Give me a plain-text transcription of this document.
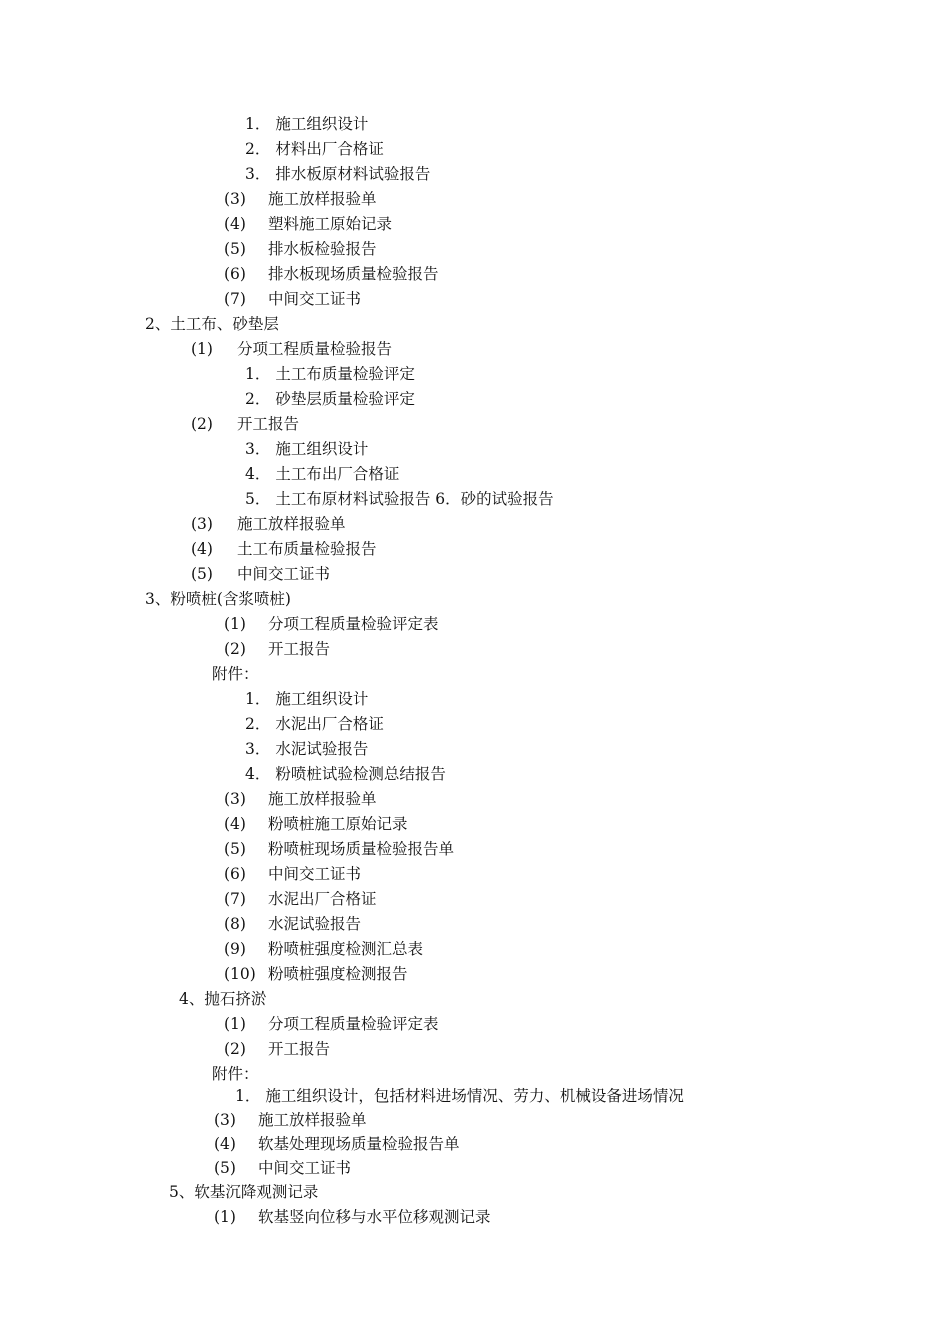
1． 施工组织设计
2． 材料出厂合格证
3． 排水板原材料试验报告
(3) 施工放样报验单
(4) 塑料施工原始记录
(5) 排水板检验报告
(6) 排水板现场质量检验报告
(7) 中间交工证书
2、土工布、砂垫层
(1) 分项工程质量检验报告
1． 土工布质量检验评定
2． 砂垫层质量检验评定
(2) 开工报告
3． 施工组织设计
4． 土工布出厂合格证
5． 土工布原材料试验报告 6．砂的试验报告
(3) 施工放样报验单
(4) 土工布质量检验报告
(5) 中间交工证书
3、粉喷桩(含浆喷桩)
(1) 分项工程质量检验评定表
(2) 开工报告
附件：
1． 施工组织设计
2． 水泥出厂合格证
3． 水泥试验报告
4． 粉喷桩试验检测总结报告
(3) 施工放样报验单
(4) 粉喷桩施工原始记录
(5) 粉喷桩现场质量检验报告单
(6) 中间交工证书
(7) 水泥出厂合格证
(8) 水泥试验报告
(9) 粉喷桩强度检测汇总表
(10) 粉喷桩强度检测报告
4、抛石挤淤
(1) 分项工程质量检验评定表
(2) 开工报告
附件：
1． 施工组织设计，包括材料进场情况、劳力、机械设备进场情况
(3) 施工放样报验单
(4) 软基处理现场质量检验报告单
(5) 中间交工证书
5、软基沉降观测记录
(1) 软基竖向位移与水平位移观测记录
